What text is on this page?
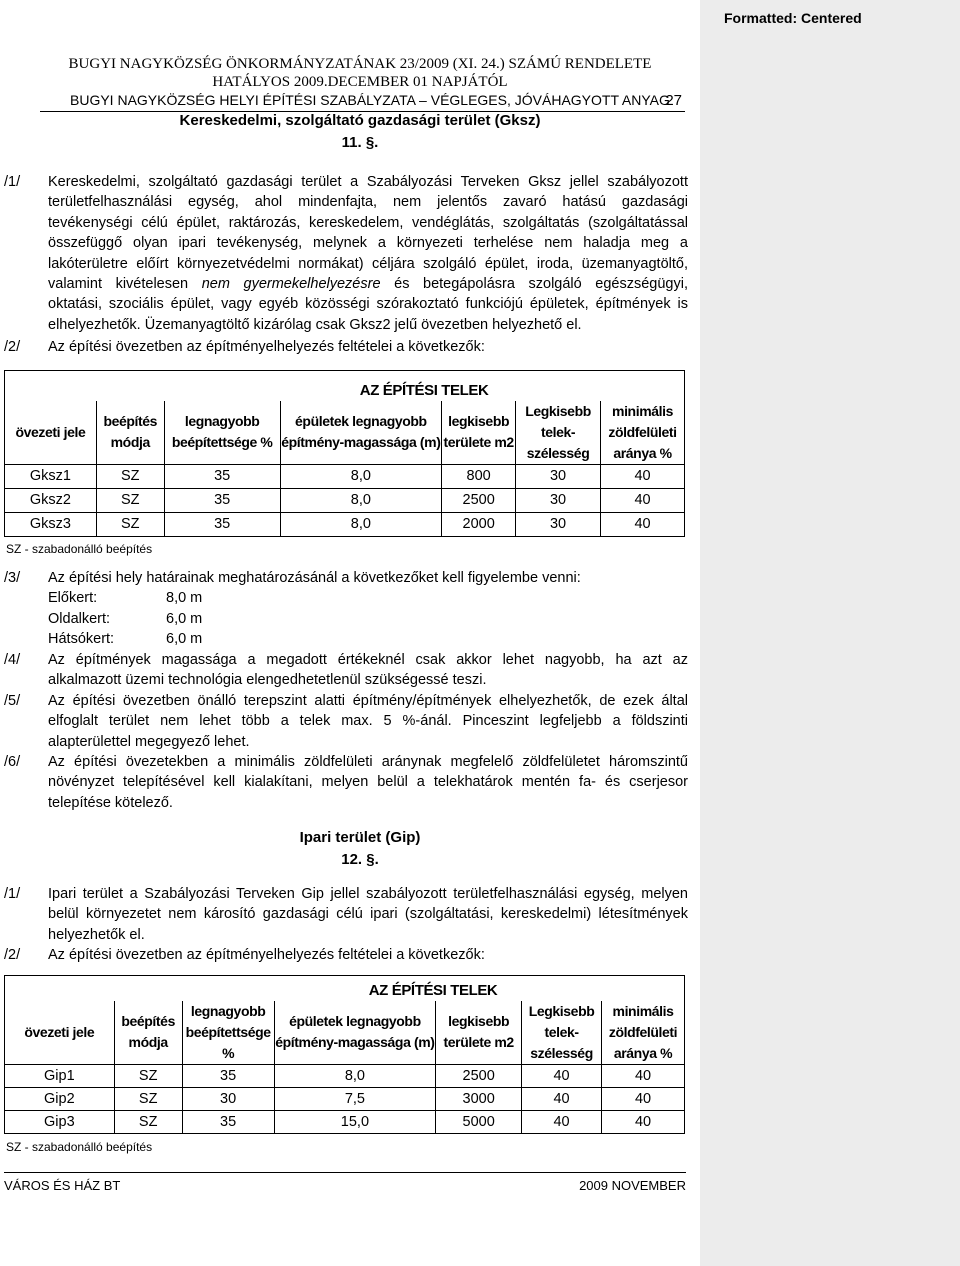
Formatted: Centered
BUGYI NAGYKÖZSÉG ÖNKORMÁNYZATÁNAK 23/2009 (XI. 24.) SZÁMÚ RENDELETE
HATÁLYOS 2009.DECEMBER 01 NAPJÁTÓL
BUGYI NAGYKÖZSÉG HELYI ÉPÍTÉSI SZABÁLYZATA – VÉGLEGES, JÓVÁHAGYOTT ANYAG
27
Kereskedelmi, szolgáltató gazdasági terület (Gksz)
11. §.
/1/	Kereskedelmi, szolgáltató gazdasági terület a Szabályozási Terveken Gksz jellel szabályozott
területfelhasználási egység, ahol mindenfajta, nem jelentős zavaró hatású gazdasági
tevékenységi célú épület, raktározás, kereskedelem, vendéglátás, szolgáltatás (szolgáltatással
összefüggő olyan ipari tevékenység, melynek a környezeti terhelése nem haladja meg a
lakóterületre előírt környezetvédelmi normákat) céljára szolgáló épület, iroda, üzemanyagtöltő,
valamint kivételesen nem gyermekelhelyezésre és betegápolásra szolgáló egészségügyi,
oktatási, szociális épület, vagy egyéb közösségi szórakoztató funkciójú épületek, építmények is
elhelyezhetők. Üzemanyagtöltő kizárólag csak Gksz2 jelű övezetben helyezhető el.
/2/	Az építési övezetben az építményelhelyezés feltételei a következők:
		AZ ÉPÍTÉSI TELEK				
övezeti jele	beépítés módja	legnagyobb beépítettsége %	épületek legnagyobb építmény-magassága (m)	legkisebb területe m2	Legkisebb telek-szélesség	minimális zöldfelületi aránya %
Gksz1	SZ	35	8,0	800	30	40
Gksz2	SZ	35	8,0	2500	30	40
Gksz3	SZ	35	8,0	2000	30	40
SZ - szabadonálló beépítés
/3/	Az építési hely határainak meghatározásánál a következőket kell figyelembe venni:
Előkert:	8,0 m
Oldalkert:	6,0 m
Hátsókert:	6,0 m
/4/	Az építmények magassága a megadott értékeknél csak akkor lehet nagyobb, ha azt az
alkalmazott üzemi technológia elengedhetetlenül szükségessé teszi.
/5/	Az építési övezetben önálló terepszint alatti építmény/építmények elhelyezhetők, de ezek által
elfoglalt terület nem lehet több a telek max. 5 %-ánál. Pinceszint legfeljebb a földszinti
alapterülettel megegyező lehet.
/6/	Az építési övezetekben a minimális zöldfelületi aránynak megfelelő zöldfelületet háromszintű
növényzet telepítésével kell kialakítani, melyen belül a telekhatárok mentén fa- és cserjesor
telepítése kötelező.
Ipari terület (Gip)
12. §.
/1/	Ipari terület a Szabályozási Terveken Gip jellel szabályozott területfelhasználási egység, melyen
belül környezetet nem károsító gazdasági célú ipari (szolgáltatási, kereskedelmi) létesítmények
helyezhetők el.
/2/	Az építési övezetben az építményelhelyezés feltételei a következők:
		AZ ÉPÍTÉSI TELEK				
övezeti jele	beépítés módja	legnagyobb beépítettsége %	épületek legnagyobb építmény-magassága (m)	legkisebb területe m2	Legkisebb telek-szélesség	minimális zöldfelületi aránya %
Gip1	SZ	35	8,0	2500	40	40
Gip2	SZ	30	7,5	3000	40	40
Gip3	SZ	35	15,0	5000	40	40
SZ - szabadonálló beépítés
VÁROS ÉS HÁZ BT	2009 NOVEMBER
